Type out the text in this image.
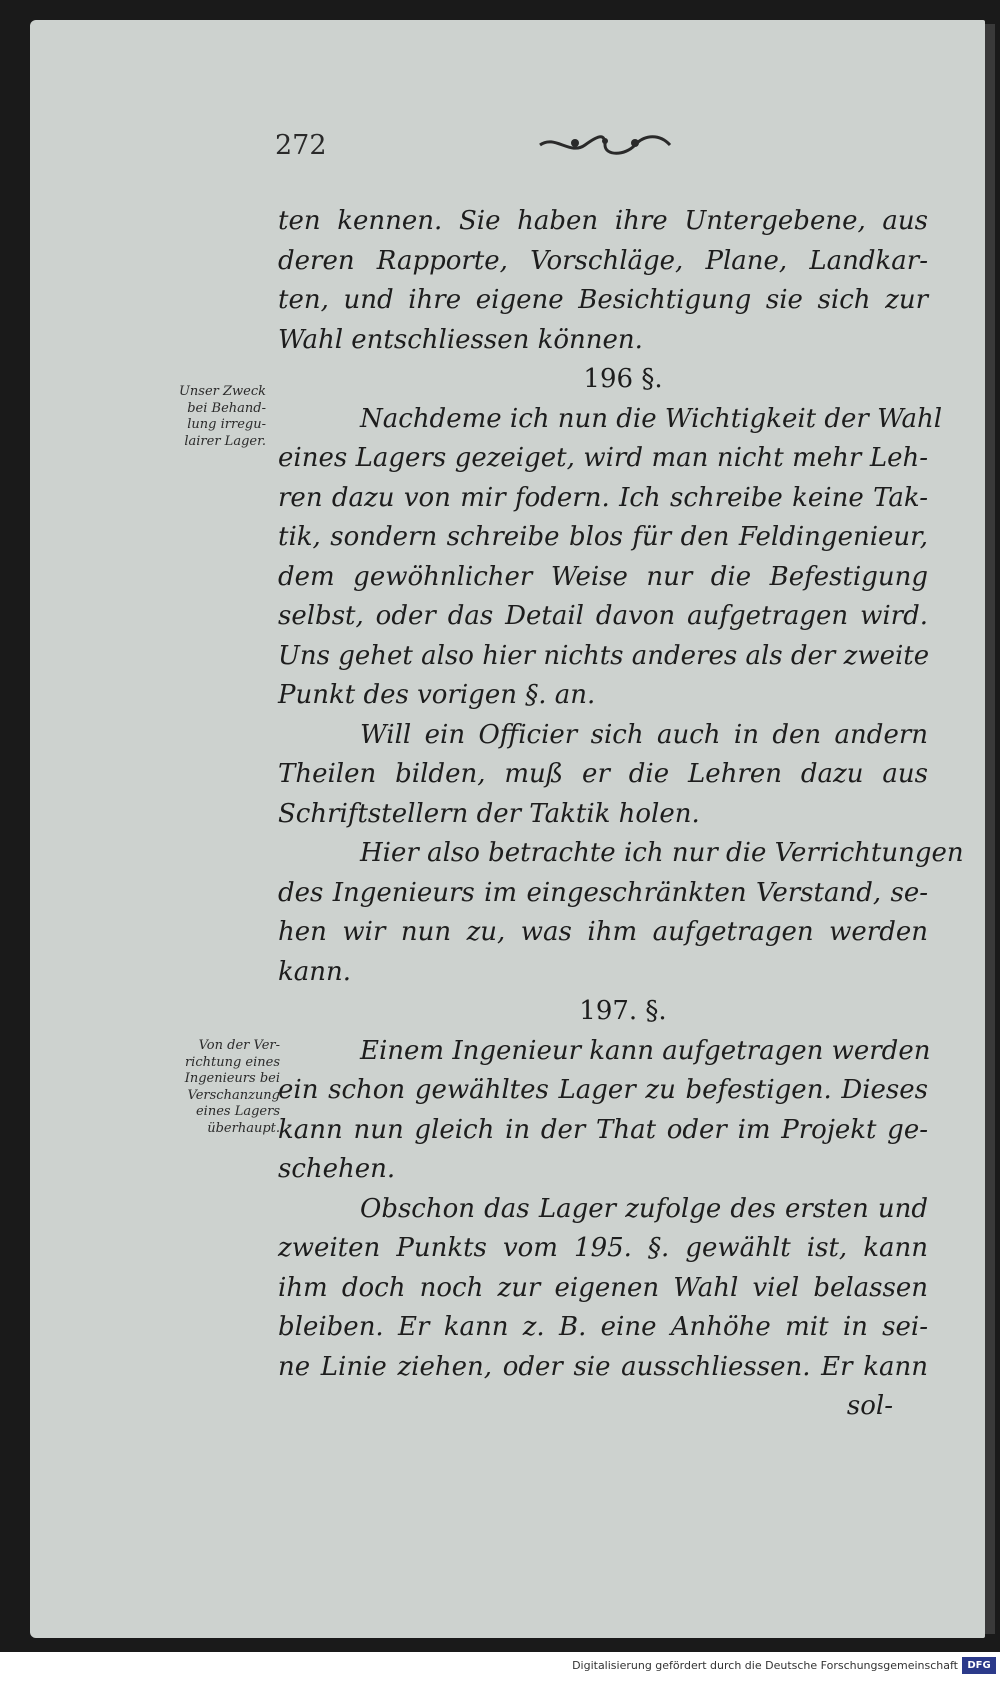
272
Unser Zweck
bei Behand-
lung irregu-
lairer Lager.
Von der Ver-
richtung eines
Ingenieurs bei
Verschanzung
eines Lagers
überhaupt.
ten kennen. Sie haben ihre Untergebene, aus
deren Rapporte, Vorschläge, Plane, Landkar-
ten, und ihre eigene Besichtigung sie sich zur
Wahl entschliessen können.
196 §.
Nachdeme ich nun die Wichtigkeit der Wahl
eines Lagers gezeiget, wird man nicht mehr Leh-
ren dazu von mir fodern. Ich schreibe keine Tak-
tik, sondern schreibe blos für den Feldingenieur,
dem gewöhnlicher Weise nur die Befestigung
selbst, oder das Detail davon aufgetragen wird.
Uns gehet also hier nichts anderes als der zweite
Punkt des vorigen §. an.
Will ein Officier sich auch in den andern
Theilen bilden, muß er die Lehren dazu aus
Schriftstellern der Taktik holen.
Hier also betrachte ich nur die Verrichtungen
des Ingenieurs im eingeschränkten Verstand, se-
hen wir nun zu, was ihm aufgetragen werden
kann.
197. §.
Einem Ingenieur kann aufgetragen werden
ein schon gewähltes Lager zu befestigen. Dieses
kann nun gleich in der That oder im Projekt ge-
schehen.
Obschon das Lager zufolge des ersten und
zweiten Punkts vom 195. §. gewählt ist, kann
ihm doch noch zur eigenen Wahl viel belassen
bleiben. Er kann z. B. eine Anhöhe mit in sei-
ne Linie ziehen, oder sie ausschliessen. Er kann
sol-
Digitalisierung gefördert durch die Deutsche Forschungsgemeinschaft DFG
